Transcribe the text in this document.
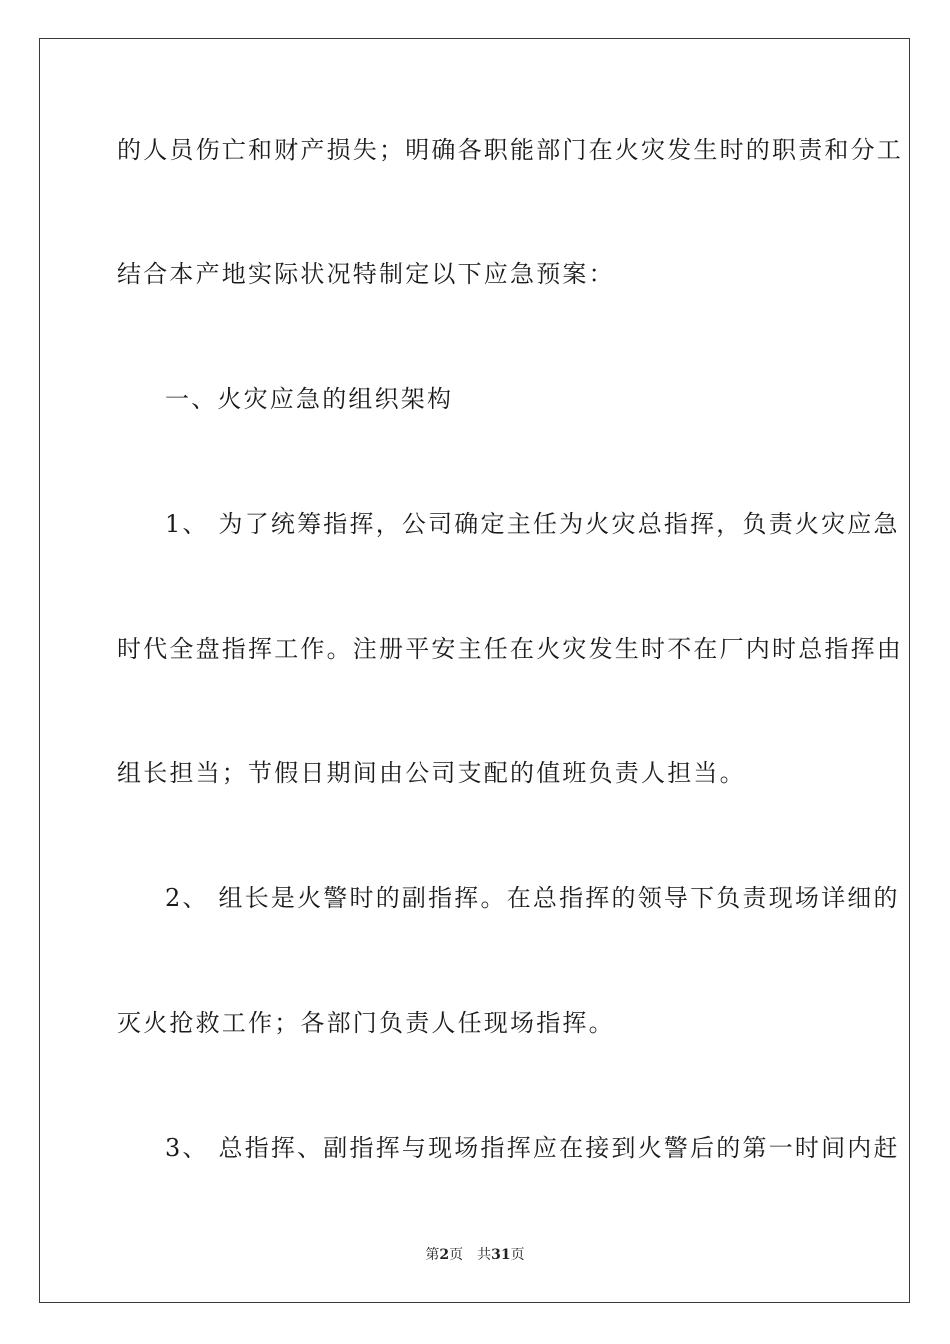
的人员伤亡和财产损失；明确各职能部门在火灾发生时的职责和分工
结合本产地实际状况特制定以下应急预案：
一、火灾应急的组织架构
1、 为了统筹指挥，公司确定主任为火灾总指挥，负责火灾应急
时代全盘指挥工作。注册平安主任在火灾发生时不在厂内时总指挥由
组长担当；节假日期间由公司支配的值班负责人担当。
2、 组长是火警时的副指挥。在总指挥的领导下负责现场详细的
灭火抢救工作；各部门负责人任现场指挥。
3、 总指挥、副指挥与现场指挥应在接到火警后的第一时间内赶
第2页 共31页
